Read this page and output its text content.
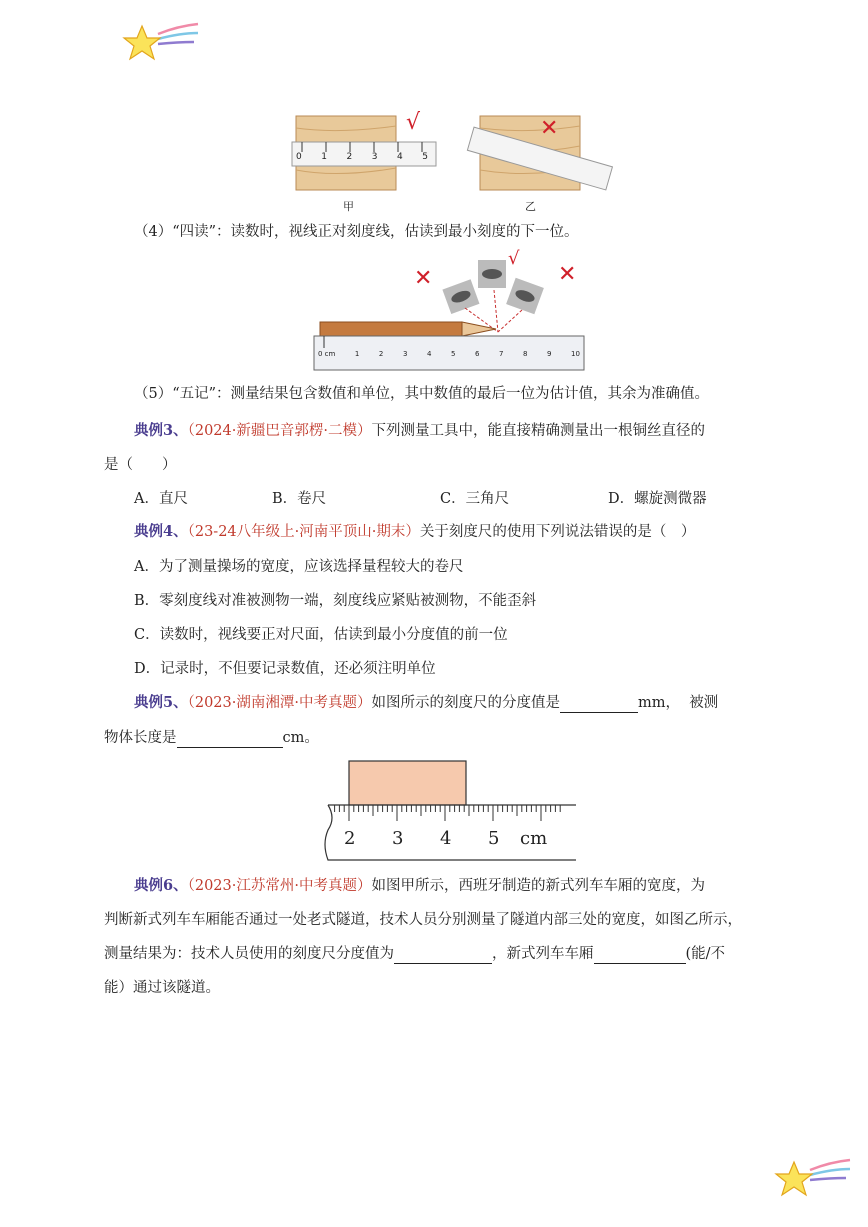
0 1 2 3 4 5
√	✕
甲	乙
（4）“四读”：读数时，视线正对刻度线，估读到最小刻度的下一位。
0 cm	1	2	3	4	5	6	7	8	9	10
✕
√
✕
（5）“五记”：测量结果包含数值和单位，其中数值的最后一位为估计值，其余为准确值。
典例3、（2024·新疆巴音郭楞·二模）下列测量工具中，能直接精确测量出一根铜丝直径的
是（　　）
A．直尺	B．卷尺	C．三角尺	D．螺旋测微器
典例4、（23-24八年级上·河南平顶山·期末）关于刻度尺的使用下列说法错误的是（　）
A．为了测量操场的宽度，应该选择量程较大的卷尺
B．零刻度线对准被测物一端，刻度线应紧贴被测物，不能歪斜
C．读数时，视线要正对尺面，估读到最小分度值的前一位
D．记录时，不但要记录数值，还必须注明单位
典例5、（2023·湖南湘潭·中考真题）如图所示的刻度尺的分度值是	mm， 被测
物体长度是	cm。
2 3 4 5 cm
典例6、（2023·江苏常州·中考真题）如图甲所示，西班牙制造的新式列车车厢的宽度，为
判断新式列车车厢能否通过一处老式隧道，技术人员分别测量了隧道内部三处的宽度，如图乙所示，
测量结果为：技术人员使用的刻度尺分度值为	，新式列车车厢	(能/不
能）通过该隧道。
